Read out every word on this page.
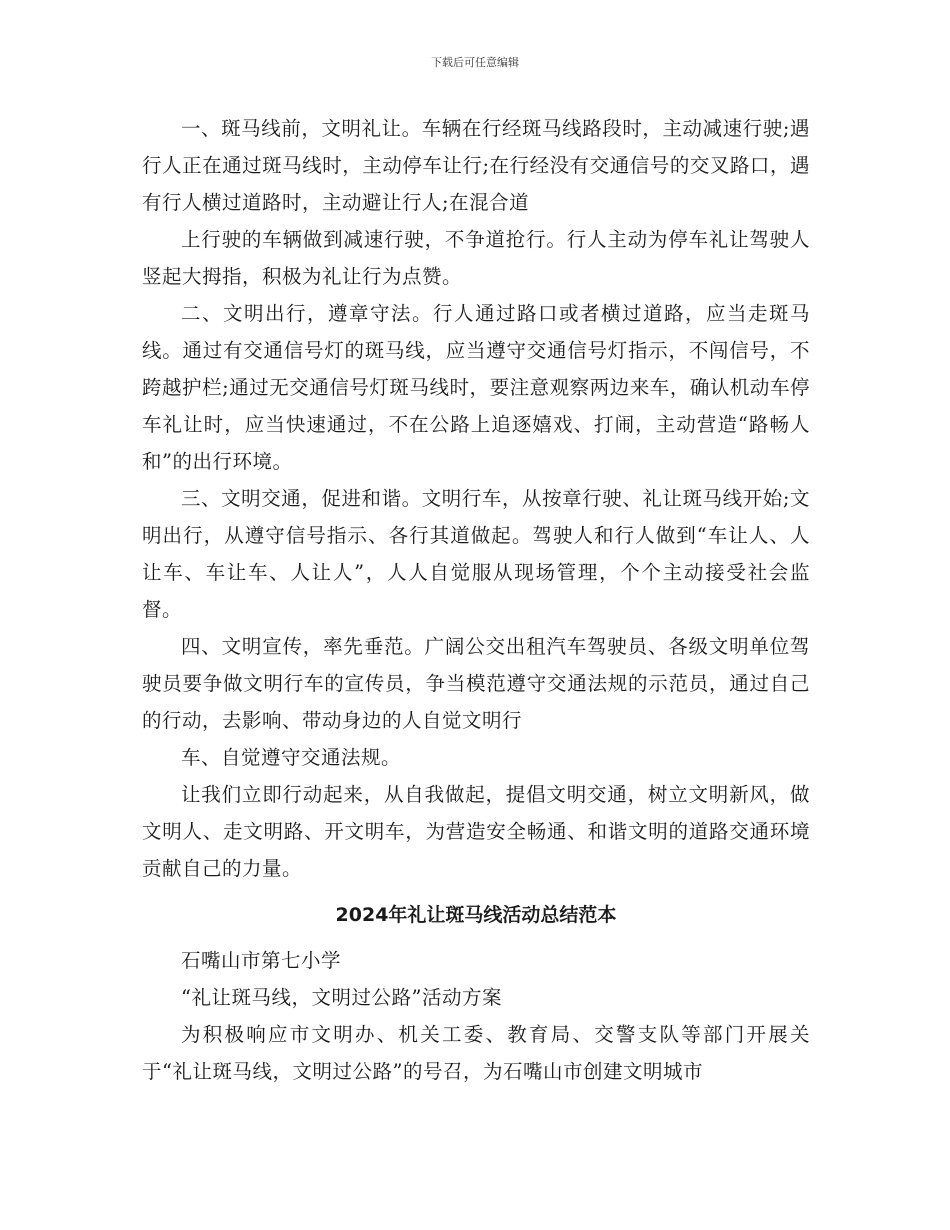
下载后可任意编辑

一、斑马线前，文明礼让。车辆在行经斑马线路段时，主动减速行驶;遇行人正在通过斑马线时，主动停车让行;在行经没有交通信号的交叉路口，遇有行人横过道路时，主动避让行人;在混合道

上行驶的车辆做到减速行驶，不争道抢行。行人主动为停车礼让驾驶人竖起大拇指，积极为礼让行为点赞。

二、文明出行，遵章守法。行人通过路口或者横过道路，应当走斑马线。通过有交通信号灯的斑马线，应当遵守交通信号灯指示，不闯信号，不跨越护栏;通过无交通信号灯斑马线时，要注意观察两边来车，确认机动车停车礼让时，应当快速通过，不在公路上追逐嬉戏、打闹，主动营造“路畅人和”的出行环境。

三、文明交通，促进和谐。文明行车，从按章行驶、礼让斑马线开始;文明出行，从遵守信号指示、各行其道做起。驾驶人和行人做到“车让人、人让车、车让车、人让人”，人人自觉服从现场管理，个个主动接受社会监督。

四、文明宣传，率先垂范。广阔公交出租汽车驾驶员、各级文明单位驾驶员要争做文明行车的宣传员，争当模范遵守交通法规的示范员，通过自己的行动，去影响、带动身边的人自觉文明行

车、自觉遵守交通法规。

让我们立即行动起来，从自我做起，提倡文明交通，树立文明新风，做文明人、走文明路、开文明车，为营造安全畅通、和谐文明的道路交通环境贡献自己的力量。

2024年礼让斑马线活动总结范本

石嘴山市第七小学

“礼让斑马线，文明过公路”活动方案

为积极响应市文明办、机关工委、教育局、交警支队等部门开展关于“礼让斑马线，文明过公路”的号召，为石嘴山市创建文明城市
